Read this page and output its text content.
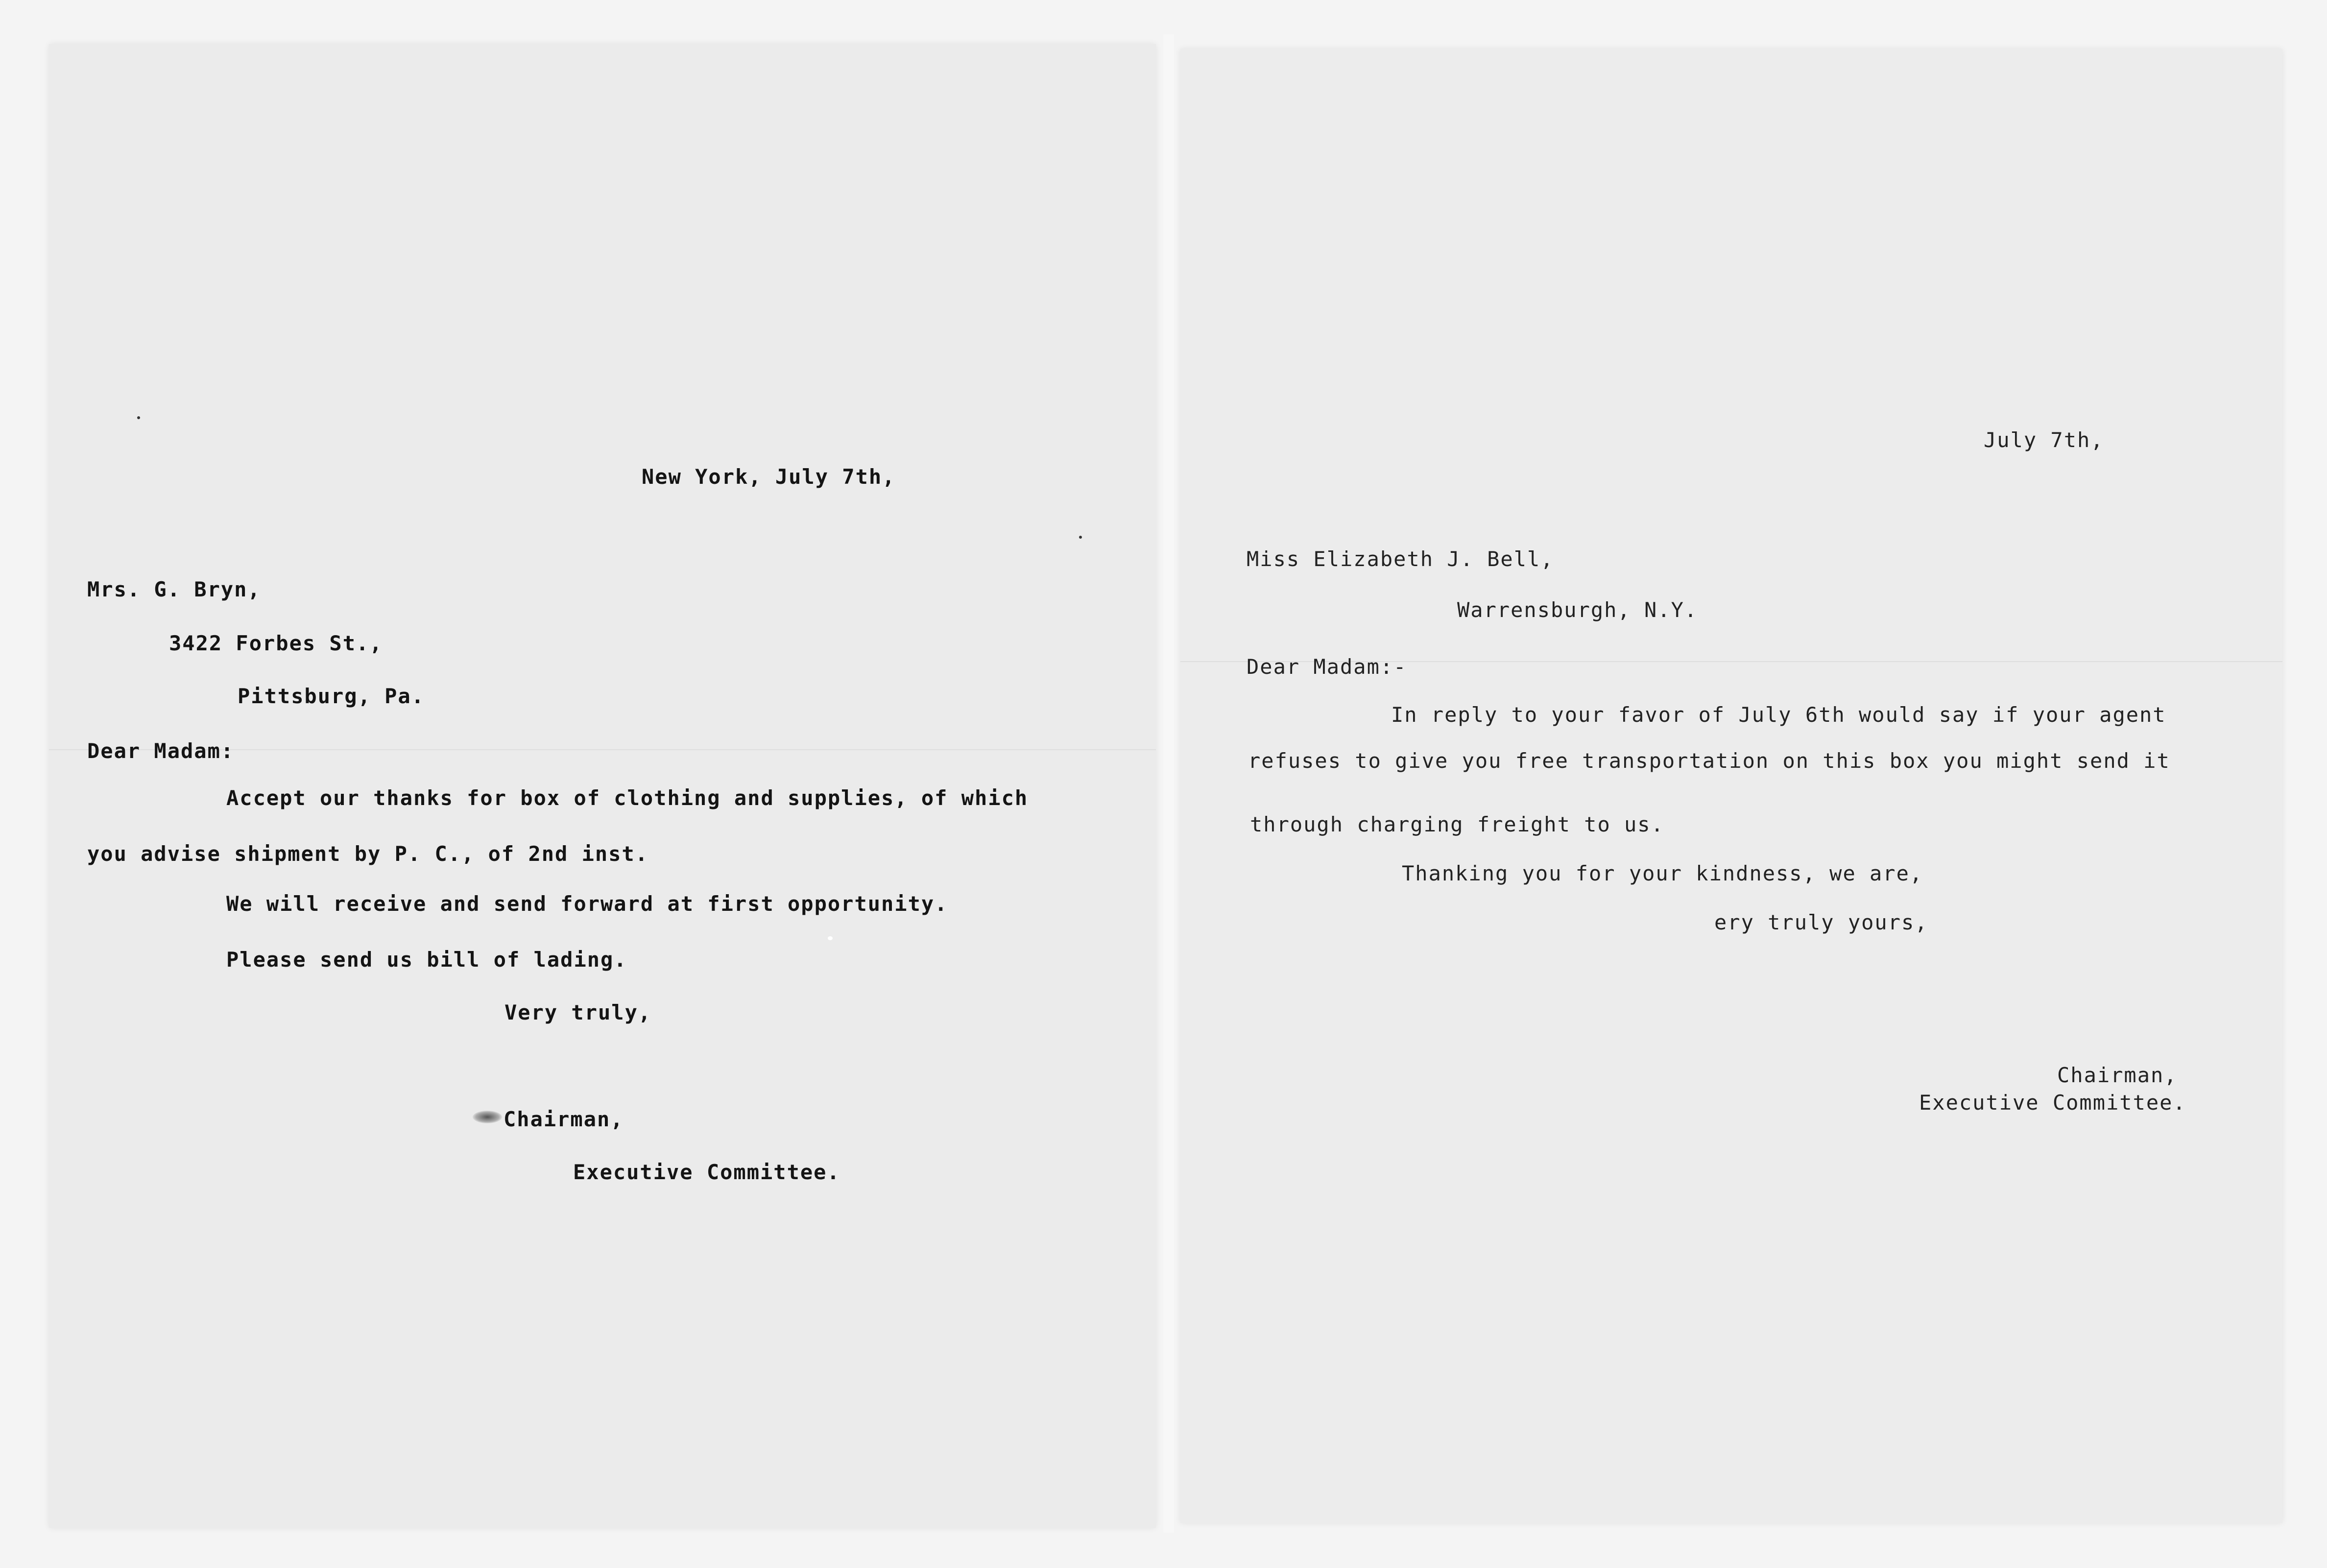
New York, July 7th,
Mrs. G. Bryn,
3422 Forbes St.,
Pittsburg, Pa.
Dear Madam:
Accept our thanks for box of clothing and supplies, of which
you advise shipment by P. C., of 2nd inst.
We will receive and send forward at first opportunity.
Please send us bill of lading.
Very truly,
Chairman,
Executive Committee.
July 7th,
Miss Elizabeth J. Bell,
Warrensburgh, N.Y.
Dear Madam:-
In reply to your favor of July 6th would say if your agent
refuses to give you free transportation on this box you might send it
through charging freight to us.
Thanking you for your kindness, we are,
ery truly yours,
Chairman,
Executive Committee.
